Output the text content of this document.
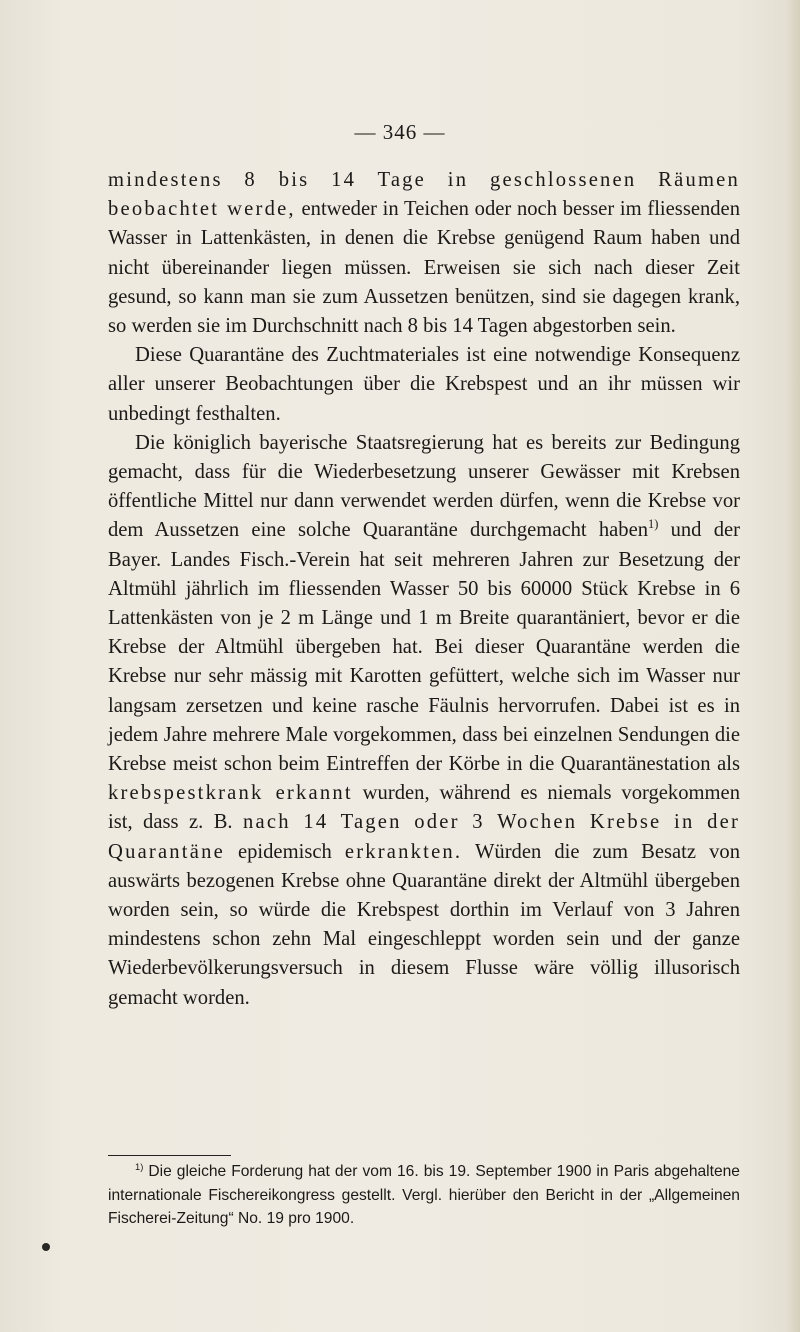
— 346 —

mindestens 8 bis 14 Tage in geschlossenen Räumen beobachtet werde, entweder in Teichen oder noch besser im fliessenden Wasser in Lattenkästen, in denen die Krebse genügend Raum haben und nicht übereinander liegen müssen. Erweisen sie sich nach dieser Zeit gesund, so kann man sie zum Aussetzen benützen, sind sie dagegen krank, so werden sie im Durchschnitt nach 8 bis 14 Tagen abgestorben sein.

Diese Quarantäne des Zuchtmateriales ist eine notwendige Konsequenz aller unserer Beobachtungen über die Krebspest und an ihr müssen wir unbedingt festhalten.

Die königlich bayerische Staatsregierung hat es bereits zur Bedingung gemacht, dass für die Wiederbesetzung unserer Gewässer mit Krebsen öffentliche Mittel nur dann verwendet werden dürfen, wenn die Krebse vor dem Aussetzen eine solche Quarantäne durchgemacht haben$^{1)}$ und der Bayer. Landes Fisch.-Verein hat seit mehreren Jahren zur Besetzung der Altmühl jährlich im fliessenden Wasser 50 bis 60000 Stück Krebse in 6 Lattenkästen von je 2 m Länge und 1 m Breite quarantäniert, bevor er die Krebse der Altmühl übergeben hat. Bei dieser Quarantäne werden die Krebse nur sehr mässig mit Karotten gefüttert, welche sich im Wasser nur langsam zersetzen und keine rasche Fäulnis hervorrufen. Dabei ist es in jedem Jahre mehrere Male vorgekommen, dass bei einzelnen Sendungen die Krebse meist schon beim Eintreffen der Körbe in die Quarantänestation als krebspestkrank erkannt wurden, während es niemals vorgekommen ist, dass z. B. nach 14 Tagen oder 3 Wochen Krebse in der Quarantäne epidemisch erkrankten. Würden die zum Besatz von auswärts bezogenen Krebse ohne Quarantäne direkt der Altmühl übergeben worden sein, so würde die Krebspest dorthin im Verlauf von 3 Jahren mindestens schon zehn Mal eingeschleppt worden sein und der ganze Wiederbevölkerungsversuch in diesem Flusse wäre völlig illusorisch gemacht worden.

$^{1)}$ Die gleiche Forderung hat der vom 16. bis 19. September 1900 in Paris abgehaltene internationale Fischereikongress gestellt. Vergl. hierüber den Bericht in der „Allgemeinen Fischerei-Zeitung“ No. 19 pro 1900.
